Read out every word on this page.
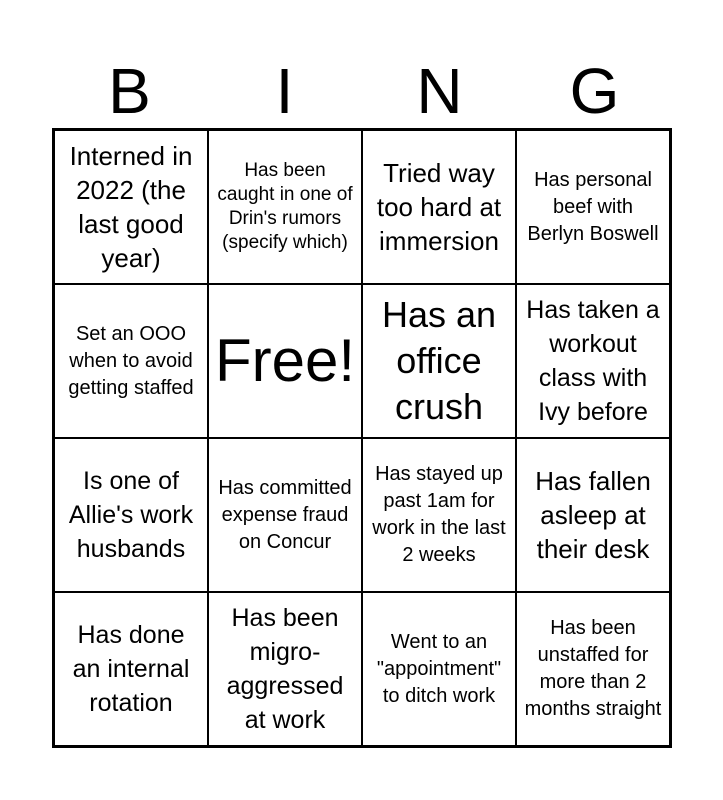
B	I	N	G
Interned in 2022 (the last good year)
Has been caught in one of Drin's rumors (specify which)
Tried way too hard at immersion
Has personal beef with Berlyn Boswell
Set an OOO when to avoid getting staffed Free!
Has an office crush
Has taken a workout class with Ivy before
Is one of Allie's work husbands
Has committed expense fraud on Concur
Has stayed up past 1am for work in the last 2 weeks
Has fallen asleep at their desk
Has done an internal rotation
Has been migro-aggressed at work
Went to an "appointment" to ditch work
Has been unstaffed for more than 2 months straight
